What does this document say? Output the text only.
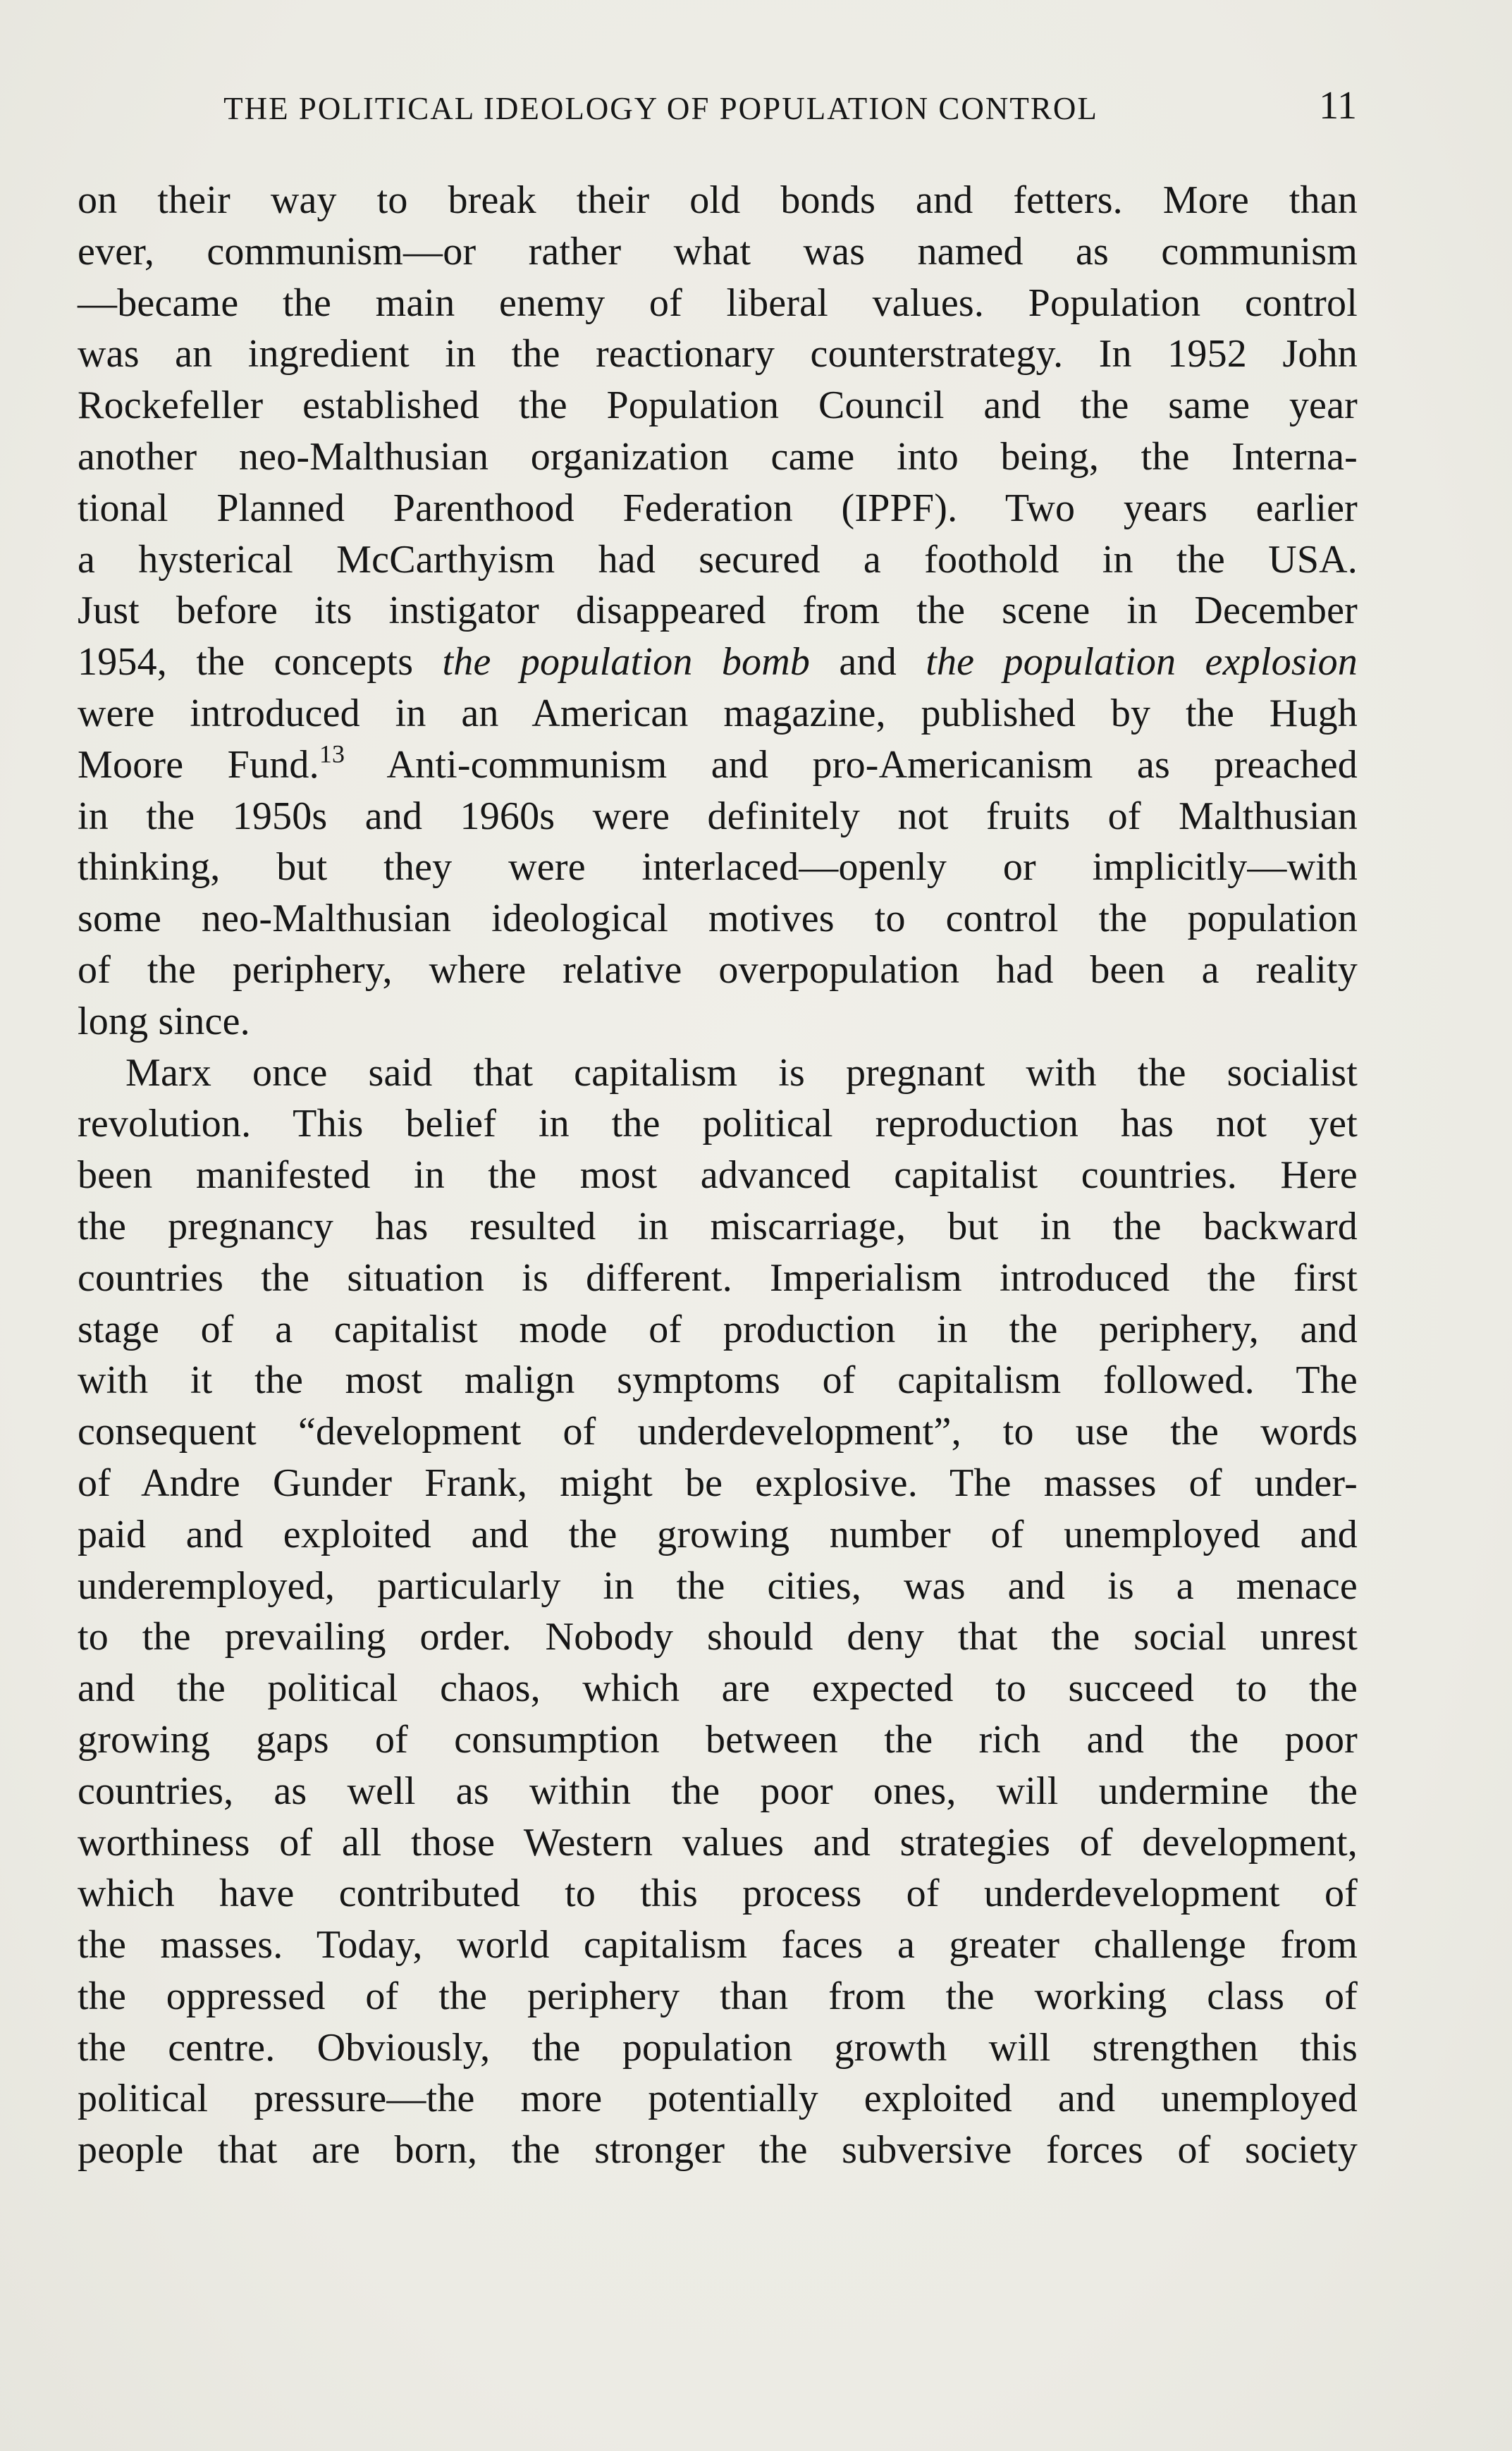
THE POLITICAL IDEOLOGY OF POPULATION CONTROL	11
on their way to break their old bonds and fetters. More than
ever, communism—or rather what was named as communism
—became the main enemy of liberal values. Population control
was an ingredient in the reactionary counterstrategy. In 1952 John
Rockefeller established the Population Council and the same year
another neo-Malthusian organization came into being, the Interna-
tional Planned Parenthood Federation (IPPF). Two years earlier
a hysterical McCarthyism had secured a foothold in the USA.
Just before its instigator disappeared from the scene in December
1954, the concepts the population bomb and the population explosion
were introduced in an American magazine, published by the Hugh
Moore Fund.$^{13}$ Anti-communism and pro-Americanism as preached
in the 1950s and 1960s were definitely not fruits of Malthusian
thinking, but they were interlaced—openly or implicitly—with
some neo-Malthusian ideological motives to control the population
of the periphery, where relative overpopulation had been a reality
long since.
Marx once said that capitalism is pregnant with the socialist
revolution. This belief in the political reproduction has not yet
been manifested in the most advanced capitalist countries. Here
the pregnancy has resulted in miscarriage, but in the backward
countries the situation is different. Imperialism introduced the first
stage of a capitalist mode of production in the periphery, and
with it the most malign symptoms of capitalism followed. The
consequent “development of underdevelopment”, to use the words
of Andre Gunder Frank, might be explosive. The masses of under-
paid and exploited and the growing number of unemployed and
underemployed, particularly in the cities, was and is a menace
to the prevailing order. Nobody should deny that the social unrest
and the political chaos, which are expected to succeed to the
growing gaps of consumption between the rich and the poor
countries, as well as within the poor ones, will undermine the
worthiness of all those Western values and strategies of development,
which have contributed to this process of underdevelopment of
the masses. Today, world capitalism faces a greater challenge from
the oppressed of the periphery than from the working class of
the centre. Obviously, the population growth will strengthen this
political pressure—the more potentially exploited and unemployed
people that are born, the stronger the subversive forces of society
